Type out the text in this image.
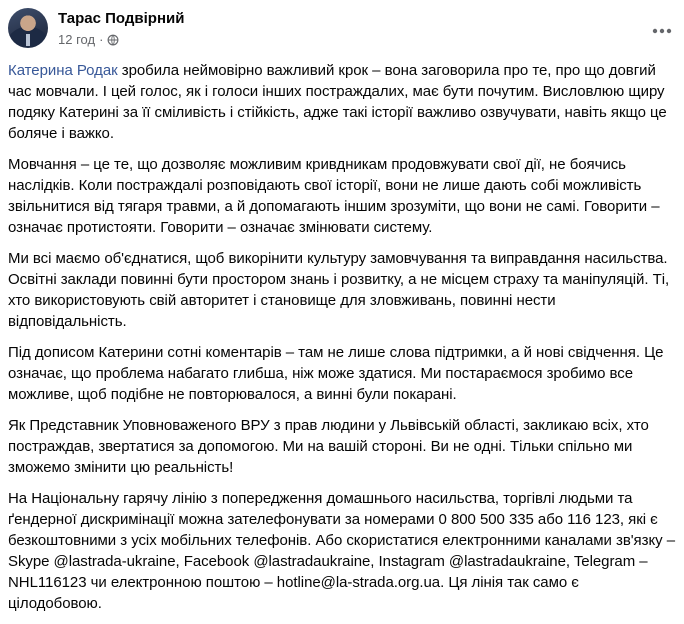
Тарас Подвірний
12 год ·

Катерина Родак зробила неймовірно важливий крок – вона заговорила про те, про що довгий час мовчали. І цей голос, як і голоси інших постраждалих, має бути почутим. Висловлюю щиру подяку Катерині за її сміливість і стійкість, адже такі історії важливо озвучувати, навіть якщо це боляче і важко.

Мовчання – це те, що дозволяє можливим кривдникам продовжувати свої дії, не боячись наслідків. Коли постраждалі розповідають свої історії, вони не лише дають собі можливість звільнитися від тягаря травми, а й допомагають іншим зрозуміти, що вони не самі. Говорити – означає протистояти. Говорити – означає змінювати систему.

Ми всі маємо об'єднатися, щоб викорінити культуру замовчування та виправдання насильства. Освітні заклади повинні бути простором знань і розвитку, а не місцем страху та маніпуляцій. Ті, хто використовують свій авторитет і становище для зловживань, повинні нести відповідальність.

Під дописом Катерини сотні коментарів – там не лише слова підтримки, а й нові свідчення. Це означає, що проблема набагато глибша, ніж може здатися. Ми постараємося зробимо все можливе, щоб подібне не повторювалося, а винні були покарані.

Як Представник Уповноваженого ВРУ з прав людини у Львівській області, закликаю всіх, хто постраждав, звертатися за допомогою. Ми на вашій стороні. Ви не одні. Тільки спільно ми зможемо змінити цю реальність!

На Національну гарячу лінію з попередження домашнього насильства, торгівлі людьми та ґендерної дискримінації можна зателефонувати за номерами 0 800 500 335 або 116 123, які є безкоштовними з усіх мобільних телефонів. Або скористатися електронними каналами зв'язку – Skype @lastrada-ukraine, Facebook @lastradaukraine, Instagram @lastradaukraine, Telegram – NHL116123 чи електронною поштою – hotline@la-strada.org.ua. Ця лінія так само є цілодобовою.
